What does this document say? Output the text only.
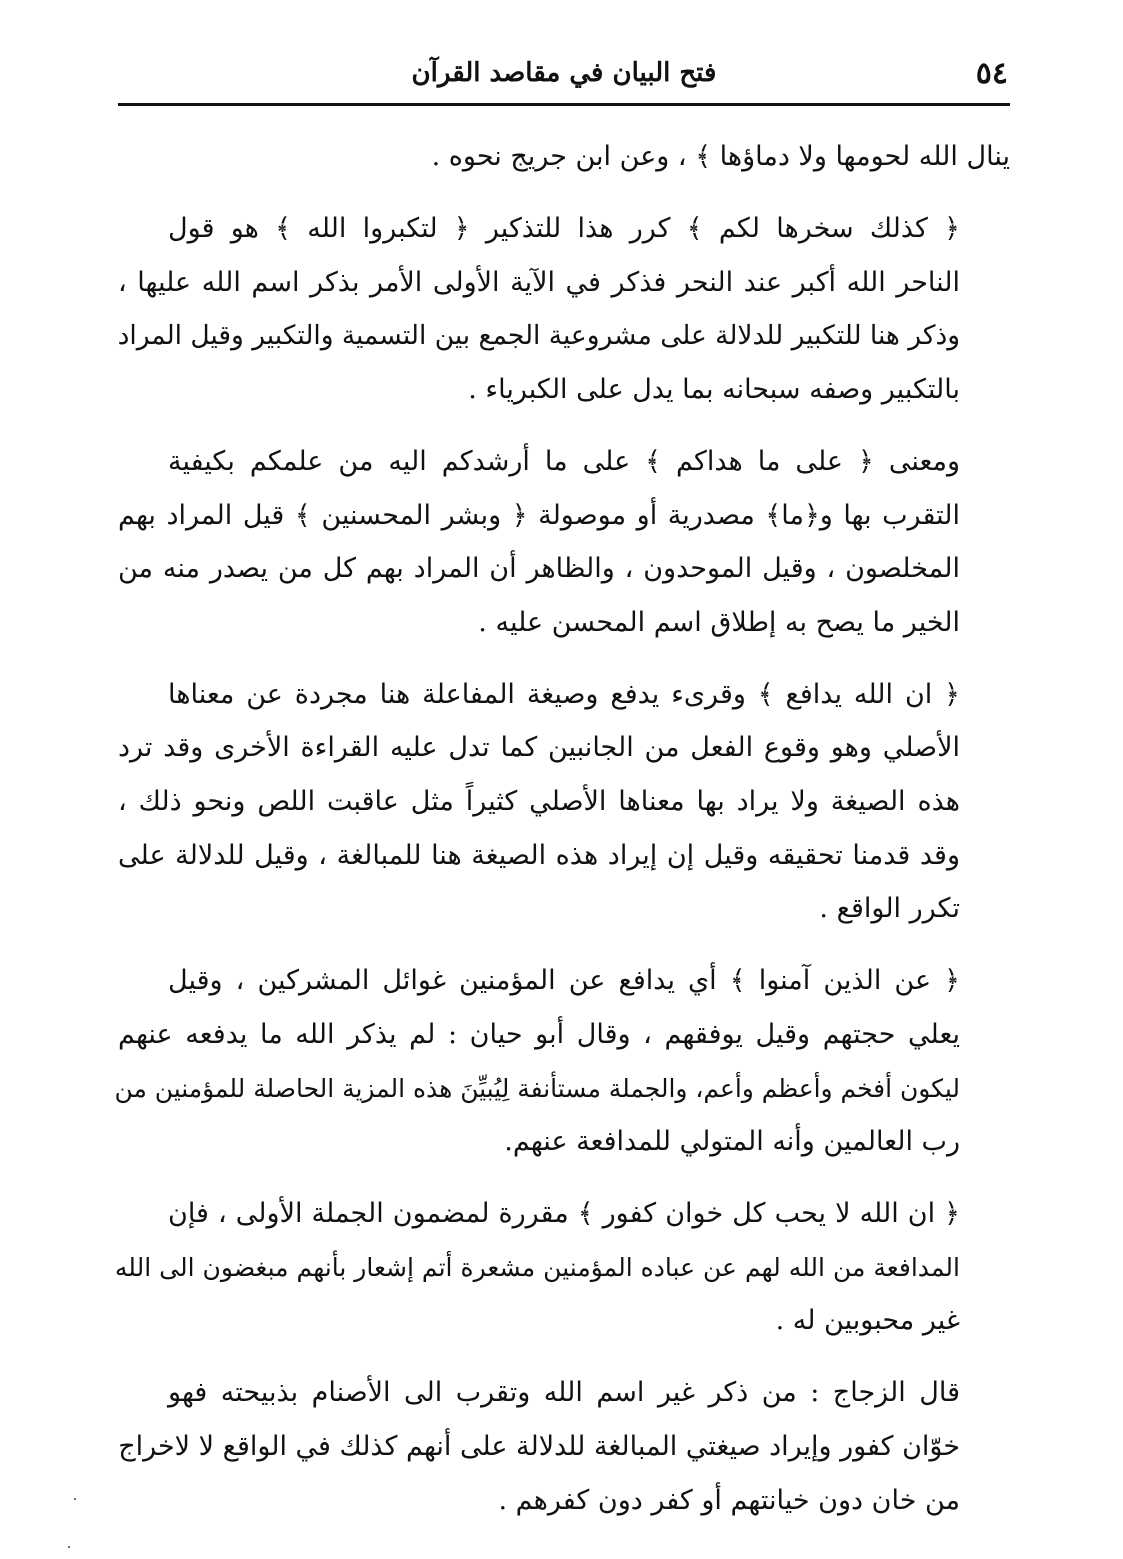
٥٤
فتح البيان في مقاصد القرآن
ينال الله لحومها ولا دماؤها ﴾ ، وعن ابن جريج نحوه .
﴿ كذلك سخرها لكم ﴾ كرر هذا للتذكير ﴿ لتكبروا الله ﴾ هو قول
الناحر الله أكبر عند النحر فذكر في الآية الأولى الأمر بذكر اسم الله عليها ،
وذكر هنا للتكبير للدلالة على مشروعية الجمع بين التسمية والتكبير وقيل المراد
بالتكبير وصفه سبحانه بما يدل على الكبرياء .
ومعنى ﴿ على ما هداكم ﴾ على ما أرشدكم اليه من علمكم بكيفية
التقرب بها و﴿ما﴾ مصدرية أو موصولة ﴿ وبشر المحسنين ﴾ قيل المراد بهم
المخلصون ، وقيل الموحدون ، والظاهر أن المراد بهم كل من يصدر منه من
الخير ما يصح به إطلاق اسم المحسن عليه .
﴿ ان الله يدافع ﴾ وقرىء يدفع وصيغة المفاعلة هنا مجردة عن معناها
الأصلي وهو وقوع الفعل من الجانبين كما تدل عليه القراءة الأخرى وقد ترد
هذه الصيغة ولا يراد بها معناها الأصلي كثيراً مثل عاقبت اللص ونحو ذلك ،
وقد قدمنا تحقيقه وقيل إن إيراد هذه الصيغة هنا للمبالغة ، وقيل للدلالة على
تكرر الواقع .
﴿ عن الذين آمنوا ﴾ أي يدافع عن المؤمنين غوائل المشركين ، وقيل
يعلي حجتهم وقيل يوفقهم ، وقال أبو حيان : لم يذكر الله ما يدفعه عنهم
ليكون أفخم وأعظم وأعم، والجملة مستأنفة لِيُبيِّنَ هذه المزية الحاصلة للمؤمنين من
رب العالمين وأنه المتولي للمدافعة عنهم.
﴿ ان الله لا يحب كل خوان كفور ﴾ مقررة لمضمون الجملة الأولى ، فإن
المدافعة من الله لهم عن عباده المؤمنين مشعرة أتم إشعار بأنهم مبغضون الى الله
غير محبوبين له .
قال الزجاج : من ذكر غير اسم الله وتقرب الى الأصنام بذبيحته فهو
خوّان كفور وإيراد صيغتي المبالغة للدلالة على أنهم كذلك في الواقع لا لاخراج
من خان دون خيانتهم أو كفر دون كفرهم .
